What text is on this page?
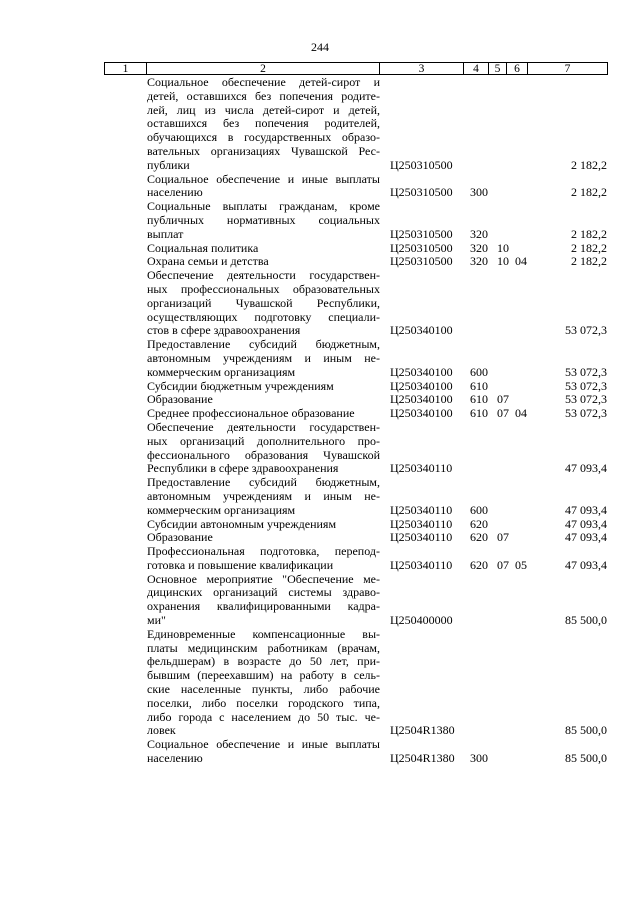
244
1	2	3	4	5	6	7
Социальное обеспечение детей-сирот и
детей, оставшихся без попечения родите-
лей, лиц из числа детей-сирот и детей,
оставшихся без попечения родителей,
обучающихся в государственных образо-
вательных организациях Чувашской Рес-
публики	Ц250310500	2 182,2
Социальное обеспечение и иные выплаты
населению	Ц250310500 300	2 182,2
Социальные выплаты гражданам, кроме
публичных нормативных социальных
выплат	Ц250310500 320	2 182,2
Социальная политика	Ц250310500 320 10	2 182,2
Охрана семьи и детства	Ц250310500 320 10 04	2 182,2
Обеспечение деятельности государствен-
ных профессиональных образовательных
организаций Чувашской Республики,
осуществляющих подготовку специали-
стов в сфере здравоохранения	Ц250340100	53 072,3
Предоставление субсидий бюджетным,
автономным учреждениям и иным не-
коммерческим организациям	Ц250340100 600	53 072,3
Субсидии бюджетным учреждениям	Ц250340100 610	53 072,3
Образование	Ц250340100 610 07	53 072,3
Среднее профессиональное образование	Ц250340100 610 07 04	53 072,3
Обеспечение деятельности государствен-
ных организаций дополнительного про-
фессионального образования Чувашской
Республики в сфере здравоохранения	Ц250340110	47 093,4
Предоставление субсидий бюджетным,
автономным учреждениям и иным не-
коммерческим организациям	Ц250340110 600	47 093,4
Субсидии автономным учреждениям	Ц250340110 620	47 093,4
Образование	Ц250340110 620 07	47 093,4
Профессиональная подготовка, перепод-
готовка и повышение квалификации	Ц250340110 620 07 05	47 093,4
Основное мероприятие "Обеспечение ме-
дицинских организаций системы здраво-
охранения квалифицированными кадра-
ми"	Ц250400000	85 500,0
Единовременные компенсационные вы-
платы медицинским работникам (врачам,
фельдшерам) в возрасте до 50 лет, при-
бывшим (переехавшим) на работу в сель-
ские населенные пункты, либо рабочие
поселки, либо поселки городского типа,
либо города с населением до 50 тыс. че-
ловек	Ц2504R1380	85 500,0
Социальное обеспечение и иные выплаты
населению	Ц2504R1380 300	85 500,0
